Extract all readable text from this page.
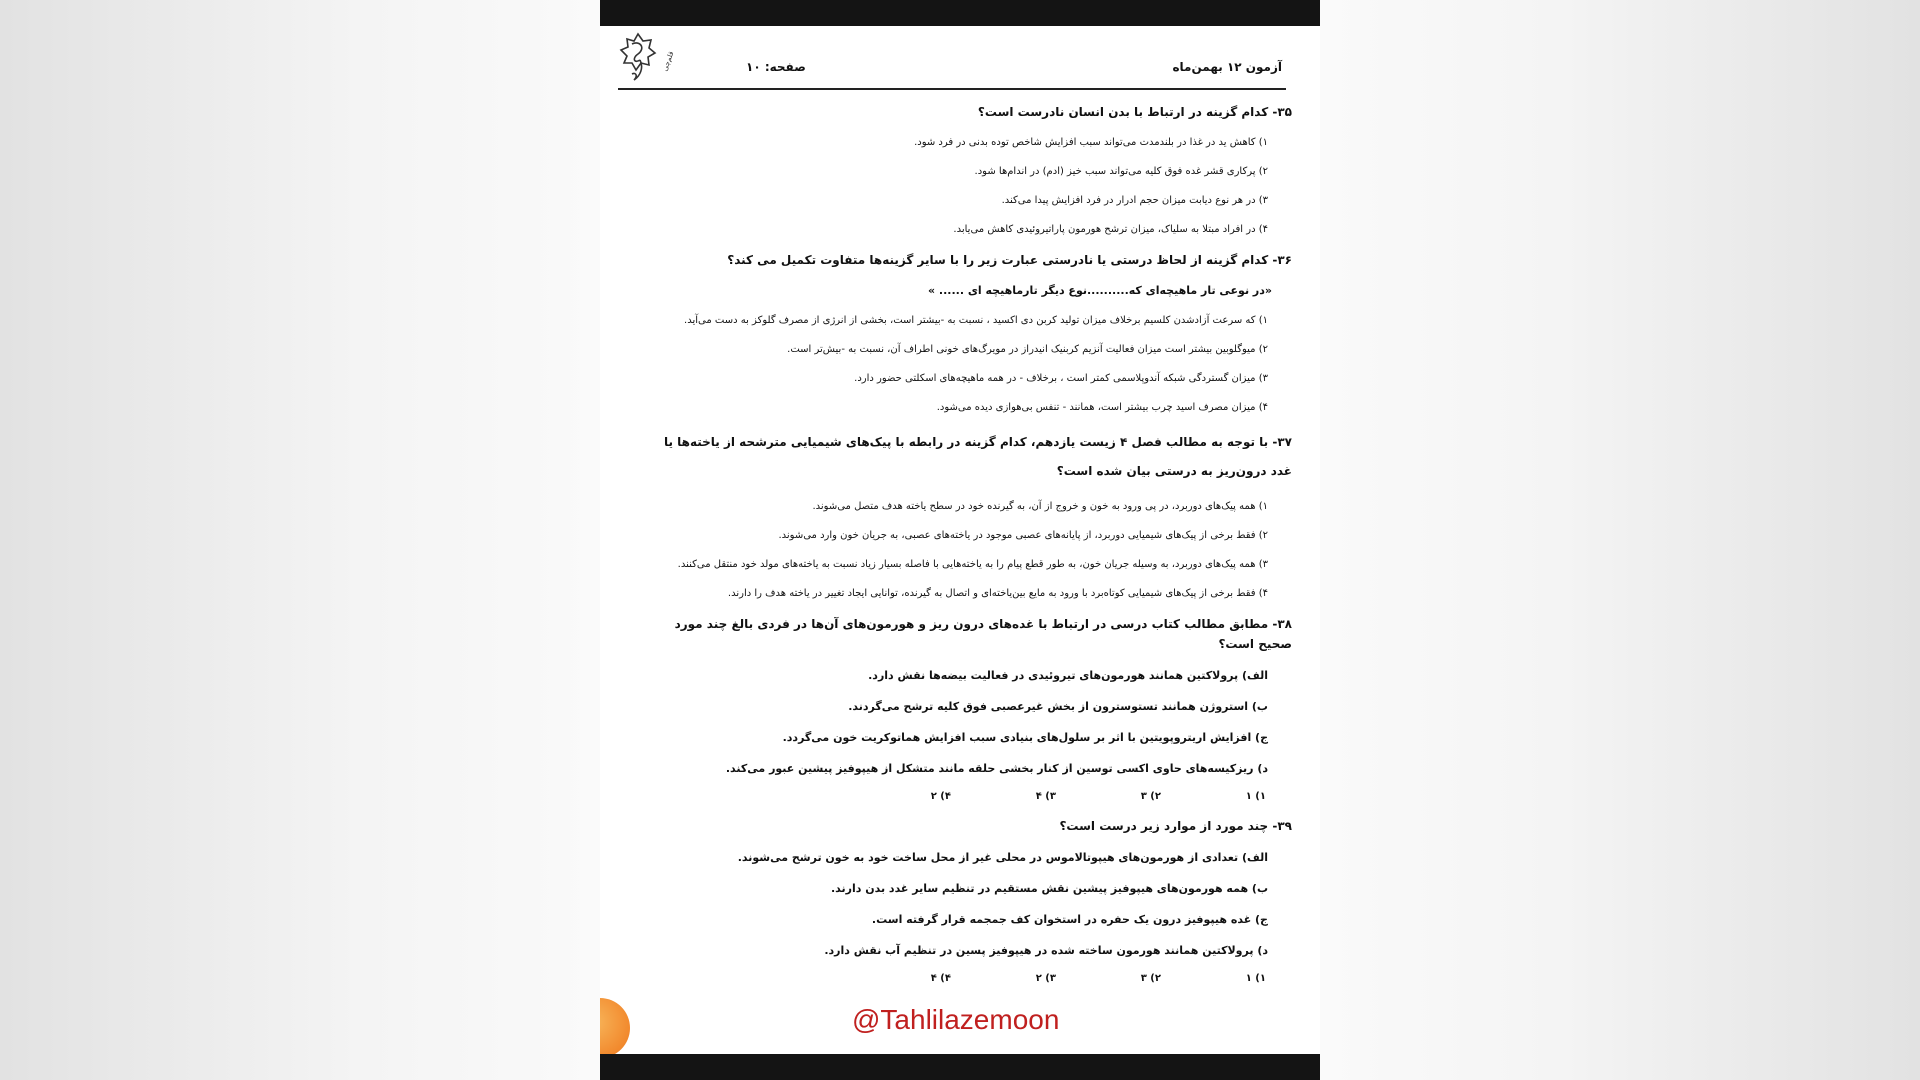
قلم‌چی	صفحه: ۱۰	آزمون ۱۲ بهمن‌ماه
۳۵- کدام گزینه در ارتباط با بدن انسان نادرست است؟
۱) کاهش ید در غذا در بلندمدت می‌تواند سبب افزایش شاخص توده بدنی در فرد شود.
۲) پرکاری قشر غده فوق کلیه می‌تواند سبب خیز (ادم) در اندام‌ها شود.
۳) در هر نوع دیابت میزان حجم ادرار در فرد افزایش پیدا می‌کند.
۴) در افراد مبتلا به سلیاک، میزان ترشح هورمون پاراتیروئیدی کاهش می‌یابد.
۳۶- کدام گزینه از لحاظ درستی یا نادرستی عبارت زیر را با سایر گزینه‌ها متفاوت تکمیل می کند؟
«در نوعی تار ماهیچه‌ای که..........نوع دیگر تارماهیچه ای ...... »
۱) که سرعت آزادشدن کلسیم برخلاف میزان تولید کربن دی اکسید ، نسبت به -بیشتر است، بخشی از انرژی از مصرف گلوکز به دست می‌آید.
۲) میوگلوبین بیشتر است میزان فعالیت آنزیم کربنیک انیدراز در مویرگ‌های خونی اطراف آن، نسبت به -بیش‌تر است.
۳) میزان گستردگی شبکه آندوپلاسمی کمتر است ، برخلاف - در همه ماهیچه‌های اسکلتی حضور دارد.
۴) میزان مصرف اسید چرب بیشتر است، همانند - تنفس بی‌هوازی دیده می‌شود.
۳۷- با توجه به مطالب فصل ۴ زیست یازدهم، کدام گزینه در رابطه با پیک‌های شیمیایی مترشحه از یاخته‌ها یا غدد درون‌ریز به درستی بیان شده است؟
۱) همه پیک‌های دوربرد، در پی ورود به خون و خروج از آن، به گیرنده خود در سطح یاخته هدف متصل می‌شوند.
۲) فقط برخی از پیک‌های شیمیایی دوربرد، از پایانه‌های عصبی موجود در یاخته‌های عصبی، به جریان خون وارد می‌شوند.
۳) همه پیک‌های دوربرد، به وسیله جریان خون، به طور قطع پیام را به یاخته‌هایی با فاصله بسیار زیاد نسبت به یاخته‌های مولد خود منتقل می‌کنند.
۴) فقط برخی از پیک‌های شیمیایی کوتاه‌برد با ورود به مایع بین‌یاخته‌ای و اتصال به گیرنده، توانایی ایجاد تغییر در یاخته هدف را دارند.
۳۸- مطابق مطالب کتاب درسی در ارتباط با غده‌های درون ریز و هورمون‌های آن‌ها در فردی بالغ چند مورد صحیح است؟
الف) پرولاکتین همانند هورمون‌های تیروئیدی در فعالیت بیضه‌ها نقش دارد.
ب) استروژن همانند تستوسترون از بخش غیرعصبی فوق کلیه ترشح می‌گردند.
ج) افزایش اریتروپویتین با اثر بر سلول‌های بنیادی سبب افزایش هماتوکریت خون می‌گردد.
د) ریزکیسه‌های حاوی اکسی توسین از کنار بخشی حلقه مانند متشکل از هیپوفیز پیشین عبور می‌کند.
۱) ۱
۲) ۳
۳) ۴
۴) ۲
۳۹- چند مورد از موارد زیر درست است؟
الف) تعدادی از هورمون‌های هیپوتالاموس در محلی غیر از محل ساخت خود به خون ترشح می‌شوند.
ب) همه هورمون‌های هیپوفیز پیشین نقش مستقیم در تنظیم سایر غدد بدن دارند.
ج) غده هیپوفیز درون یک حفره در استخوان کف جمجمه قرار گرفته است.
د) پرولاکتین همانند هورمون ساخته شده در هیپوفیز پسین در تنظیم آب نقش دارد.
۱) ۱
۲) ۳
۳) ۲
۴) ۴
@Tahlilazemoon
